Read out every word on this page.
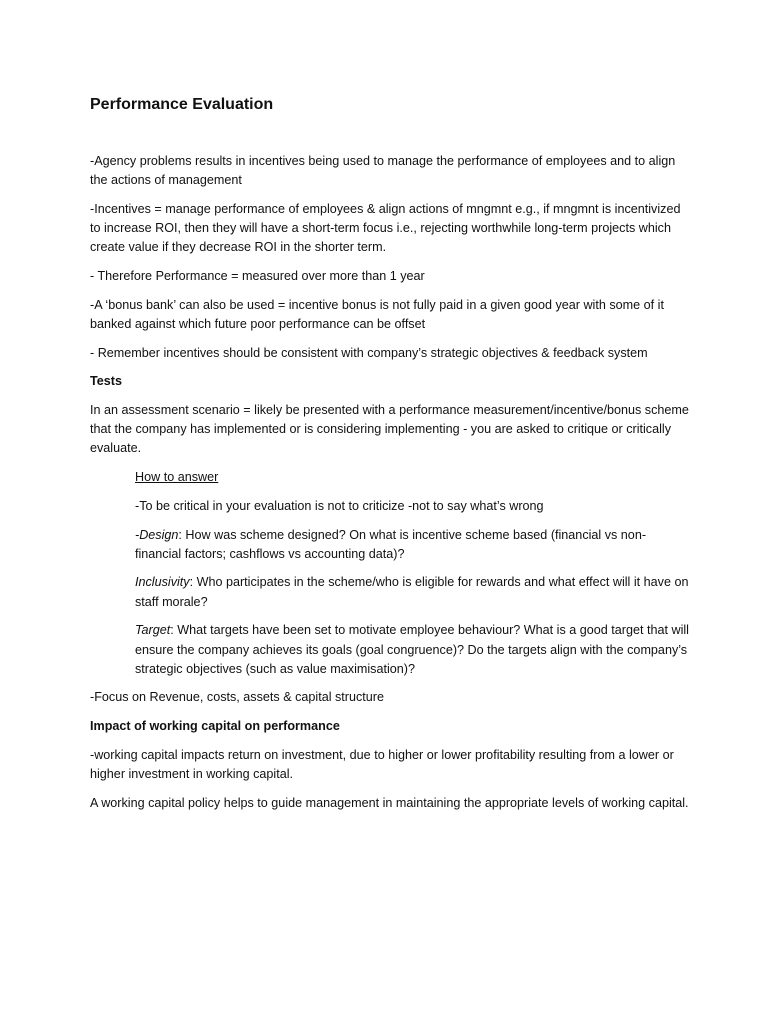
Performance Evaluation

-Agency problems results in incentives being used to manage the performance of employees and to align the actions of management

-Incentives = manage performance of employees & align actions of mngmnt e.g., if mngmnt is incentivized to increase ROI, then they will have a short-term focus i.e., rejecting worthwhile long-term projects which create value if they decrease ROI in the shorter term.

- Therefore Performance = measured over more than 1 year

-A ‘bonus bank’ can also be used = incentive bonus is not fully paid in a given good year with some of it banked against which future poor performance can be offset

- Remember incentives should be consistent with company’s strategic objectives & feedback system

Tests

In an assessment scenario = likely be presented with a performance measurement/incentive/bonus scheme that the company has implemented or is considering implementing - you are asked to critique or critically evaluate.

How to answer

-To be critical in your evaluation is not to criticize -not to say what’s wrong

-Design: How was scheme designed? On what is incentive scheme based (financial vs non-financial factors; cashflows vs accounting data)?

Inclusivity: Who participates in the scheme/who is eligible for rewards and what effect will it have on staff morale?

Target: What targets have been set to motivate employee behaviour? What is a good target that will ensure the company achieves its goals (goal congruence)? Do the targets align with the company’s strategic objectives (such as value maximisation)?

-Focus on Revenue, costs, assets & capital structure

Impact of working capital on performance

-working capital impacts return on investment, due to higher or lower profitability resulting from a lower or higher investment in working capital.

A working capital policy helps to guide management in maintaining the appropriate levels of working capital.
